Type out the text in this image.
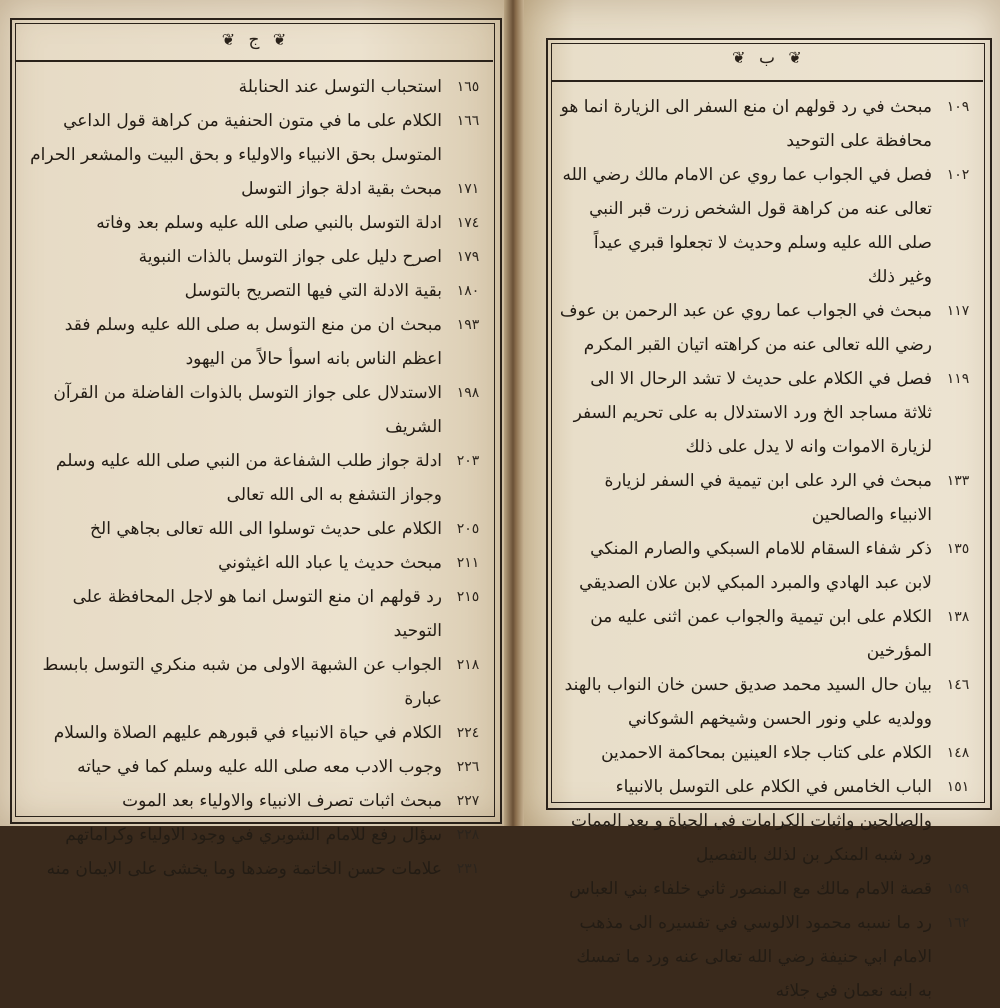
❦ ج ❦
❦ ب ❦
١٦٥
استحباب التوسل عند الحنابلة
١٦٦
الكلام على ما في متون الحنفية من كراهة قول الداعي المتوسل بحق الانبياء والاولياء و بحق البيت والمشعر الحرام
١٧١
مبحث بقية ادلة جواز التوسل
١٧٤
ادلة التوسل بالنبي صلى الله عليه وسلم بعد وفاته
١٧٩
اصرح دليل على جواز التوسل بالذات النبوية
١٨٠
بقية الادلة التي فيها التصريح بالتوسل
١٩٣
مبحث ان من منع التوسل به صلى الله عليه وسلم فقد اعظم الناس بانه اسوأ حالاً من اليهود
١٩٨
الاستدلال على جواز التوسل بالذوات الفاضلة من القرآن الشريف
٢٠٣
ادلة جواز طلب الشفاعة من النبي صلى الله عليه وسلم وجواز التشفع به الى الله تعالى
٢٠٥
الكلام على حديث توسلوا الى الله تعالى بجاهي الخ
٢١١
مبحث حديث يا عباد الله اغيثوني
٢١٥
رد قولهم ان منع التوسل انما هو لاجل المحافظة على التوحيد
٢١٨
الجواب عن الشبهة الاولى من شبه منكري التوسل بابسط عبارة
٢٢٤
الكلام في حياة الانبياء في قبورهم عليهم الصلاة والسلام
٢٢٦
وجوب الادب معه صلى الله عليه وسلم كما في حياته
٢٢٧
مبحث اثبات تصرف الانبياء والاولياء بعد الموت
٢٢٨
سؤال رفع للامام الشوبري في وجود الاولياء وكراماتهم
٢٣١
علامات حسن الخاتمة وضدها وما يخشى على الايمان منه
١٠٩
مبحث في رد قولهم ان منع السفر الى الزيارة انما هو محافظة على التوحيد
١٠٢
فصل في الجواب عما روي عن الامام مالك رضي الله تعالى عنه من كراهة قول الشخص زرت قبر النبي صلى الله عليه وسلم وحديث لا تجعلوا قبري عيداً وغير ذلك
١١٧
مبحث في الجواب عما روي عن عبد الرحمن بن عوف رضي الله تعالى عنه من كراهته اتيان القبر المكرم
١١٩
فصل في الكلام على حديث لا تشد الرحال الا الى ثلاثة مساجد الخ ورد الاستدلال به على تحريم السفر لزيارة الاموات وانه لا يدل على ذلك
١٣٣
مبحث في الرد على ابن تيمية في السفر لزيارة الانبياء والصالحين
١٣٥
ذكر شفاء السقام للامام السبكي والصارم المنكي لابن عبد الهادي والمبرد المبكي لابن علان الصديقي
١٣٨
الكلام على ابن تيمية والجواب عمن اثنى عليه من المؤرخين
١٤٦
بيان حال السيد محمد صديق حسن خان النواب بالهند وولديه علي ونور الحسن وشيخهم الشوكاني
١٤٨
الكلام على كتاب جلاء العينين بمحاكمة الاحمدين
١٥١
الباب الخامس في الكلام على التوسل بالانبياء والصالحين واثبات الكرامات في الحياة و بعد الممات ورد شبه المنكر بن لذلك بالتفصيل
١٥٩
قصة الامام مالك مع المنصور ثاني خلفاء بني العباس
١٦٢
رد ما نسبه محمود الالوسي في تفسيره الى مذهب الامام ابي حنيفة رضي الله تعالى عنه ورد ما تمسك به ابنه نعمان في جلائه
